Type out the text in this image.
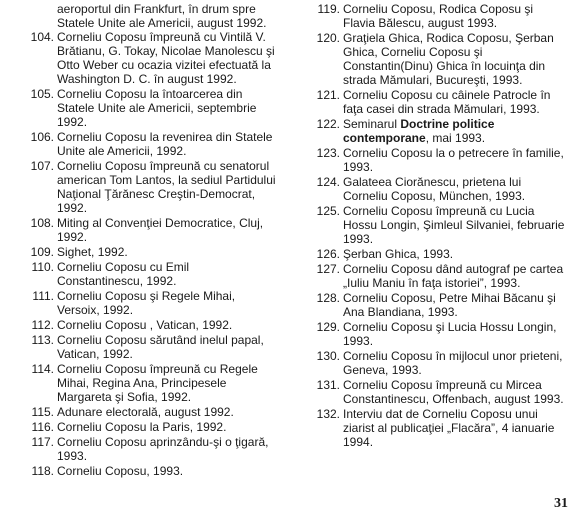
aeroportul din Frankfurt, în drum spre Statele Unite ale Americii, august 1992.
104. Corneliu Coposu împreună cu Vintilă V. Brătianu, G. Tokay, Nicolae Manolescu şi Otto Weber cu ocazia vizitei efectuată la Washington D. C. în august 1992.
105. Corneliu Coposu la întoarcerea din Statele Unite ale Americii, septembrie 1992.
106. Corneliu Coposu la revenirea din Statele Unite ale Americii, 1992.
107. Corneliu Coposu împreună cu senatorul american Tom Lantos, la sediul Partidului Naţional Ţărănesc Creştin-Democrat, 1992.
108. Miting al Convenţiei Democratice, Cluj, 1992.
109. Sighet, 1992.
110. Corneliu Coposu cu Emil Constantinescu, 1992.
111. Corneliu Coposu şi Regele Mihai, Versoix, 1992.
112. Corneliu Coposu , Vatican, 1992.
113. Corneliu Coposu sărutând inelul papal, Vatican, 1992.
114. Corneliu Coposu împreună cu Regele Mihai, Regina Ana, Principesele Margareta şi Sofia, 1992.
115. Adunare electorală, august 1992.
116. Corneliu Coposu la Paris, 1992.
117. Corneliu Coposu aprinzându-şi o ţigară, 1993.
118. Corneliu Coposu, 1993.
119. Corneliu Coposu, Rodica Coposu şi Flavia Bălescu, august 1993.
120. Graţiela Ghica, Rodica Coposu, Şerban Ghica, Corneliu Coposu şi Constantin(Dinu) Ghica în locuinţa din strada Mămulari, Bucureşti, 1993.
121. Corneliu Coposu cu câinele Patrocle în faţa casei din strada Mămulari, 1993.
122. Seminarul Doctrine politice contemporane, mai 1993.
123. Corneliu Coposu la o petrecere în familie, 1993.
124. Galateea Ciorănescu, prietena lui Corneliu Coposu, München, 1993.
125. Corneliu Coposu împreună cu Lucia Hossu Longin, Şimleul Silvaniei, februarie 1993.
126. Şerban Ghica, 1993.
127. Corneliu Coposu dând autograf pe cartea „Iuliu Maniu în faţa istoriei”, 1993.
128. Corneliu Coposu, Petre Mihai Băcanu şi Ana Blandiana, 1993.
129. Corneliu Coposu şi Lucia Hossu Longin, 1993.
130. Corneliu Coposu în mijlocul unor prieteni, Geneva, 1993.
131. Corneliu Coposu împreună cu Mircea Constantinescu, Offenbach, august 1993.
132. Interviu dat de Corneliu Coposu unui ziarist al publicaţiei „Flacăra”, 4 ianuarie 1994.
31
